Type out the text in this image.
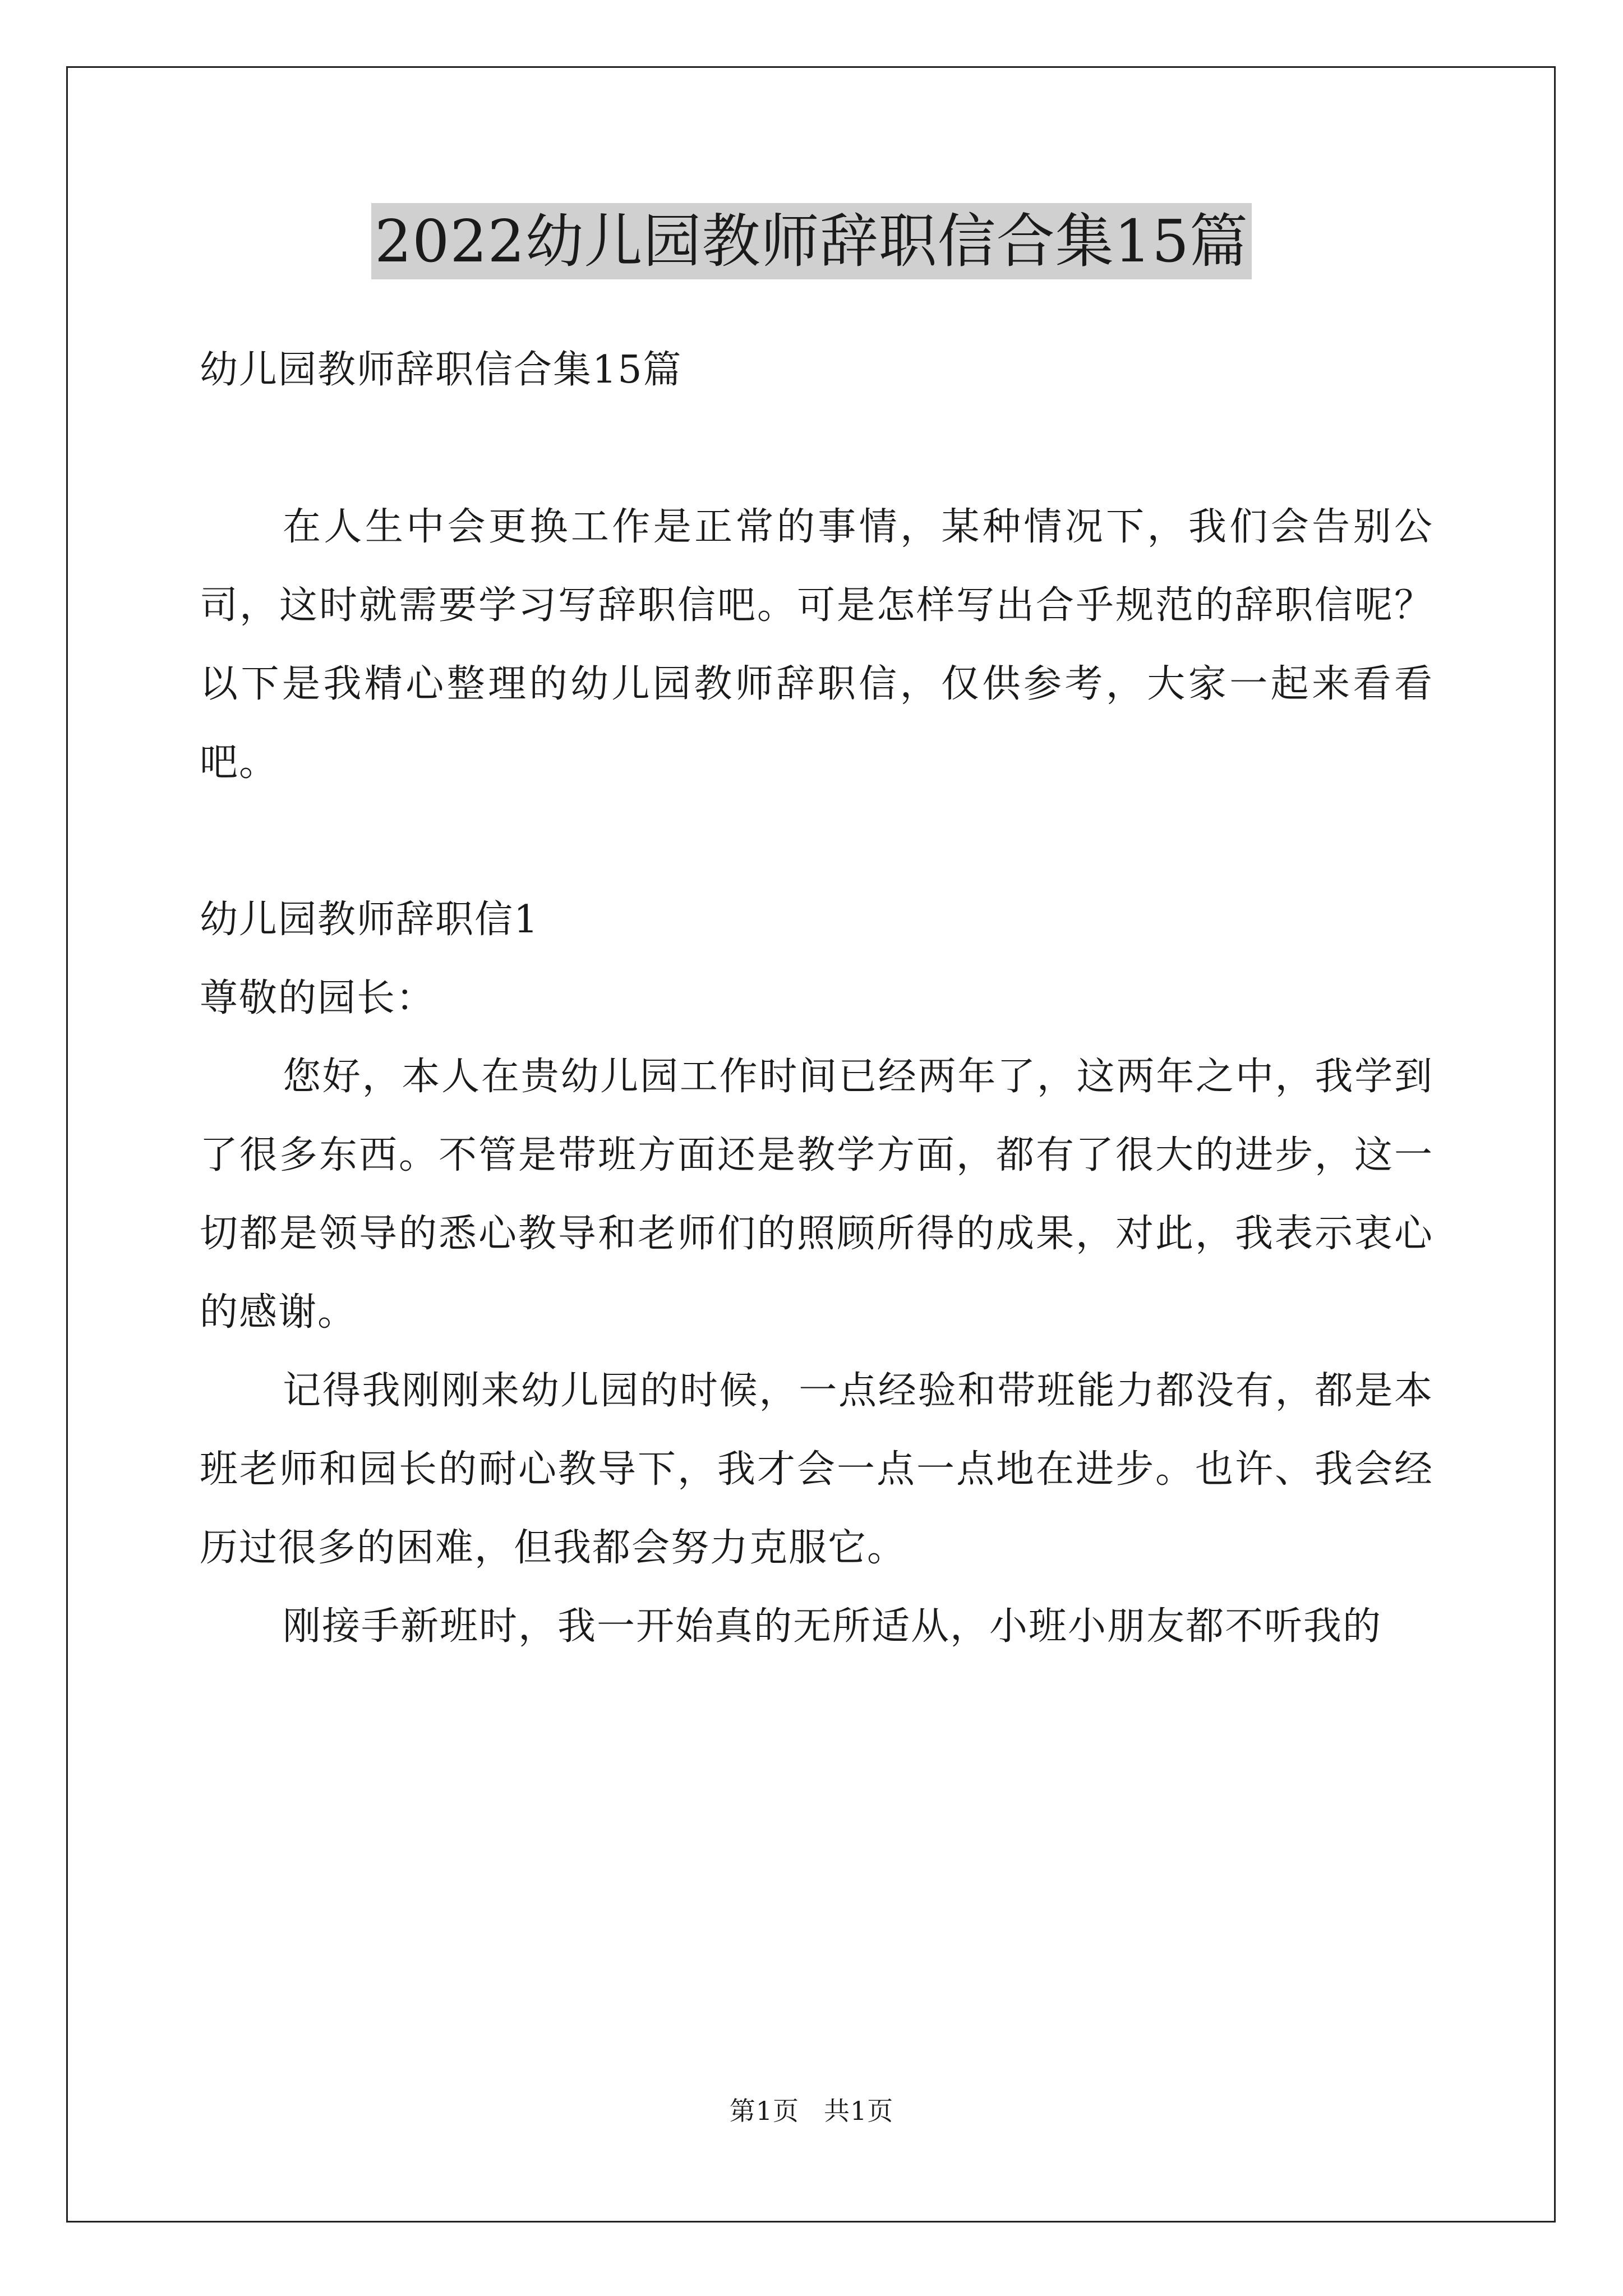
2022幼儿园教师辞职信合集15篇

幼儿园教师辞职信合集15篇

在人生中会更换工作是正常的事情，某种情况下，我们会告别公司，这时就需要学习写辞职信吧。可是怎样写出合乎规范的辞职信呢？以下是我精心整理的幼儿园教师辞职信，仅供参考，大家一起来看看吧。

幼儿园教师辞职信1

尊敬的园长：

您好，本人在贵幼儿园工作时间已经两年了，这两年之中，我学到了很多东西。不管是带班方面还是教学方面，都有了很大的进步，这一切都是领导的悉心教导和老师们的照顾所得的成果，对此，我表示衷心的感谢。

记得我刚刚来幼儿园的时候，一点经验和带班能力都没有，都是本班老师和园长的耐心教导下，我才会一点一点地在进步。也许、我会经历过很多的困难，但我都会努力克服它。

刚接手新班时，我一开始真的无所适从，小班小朋友都不听我的

第1页 共1页
